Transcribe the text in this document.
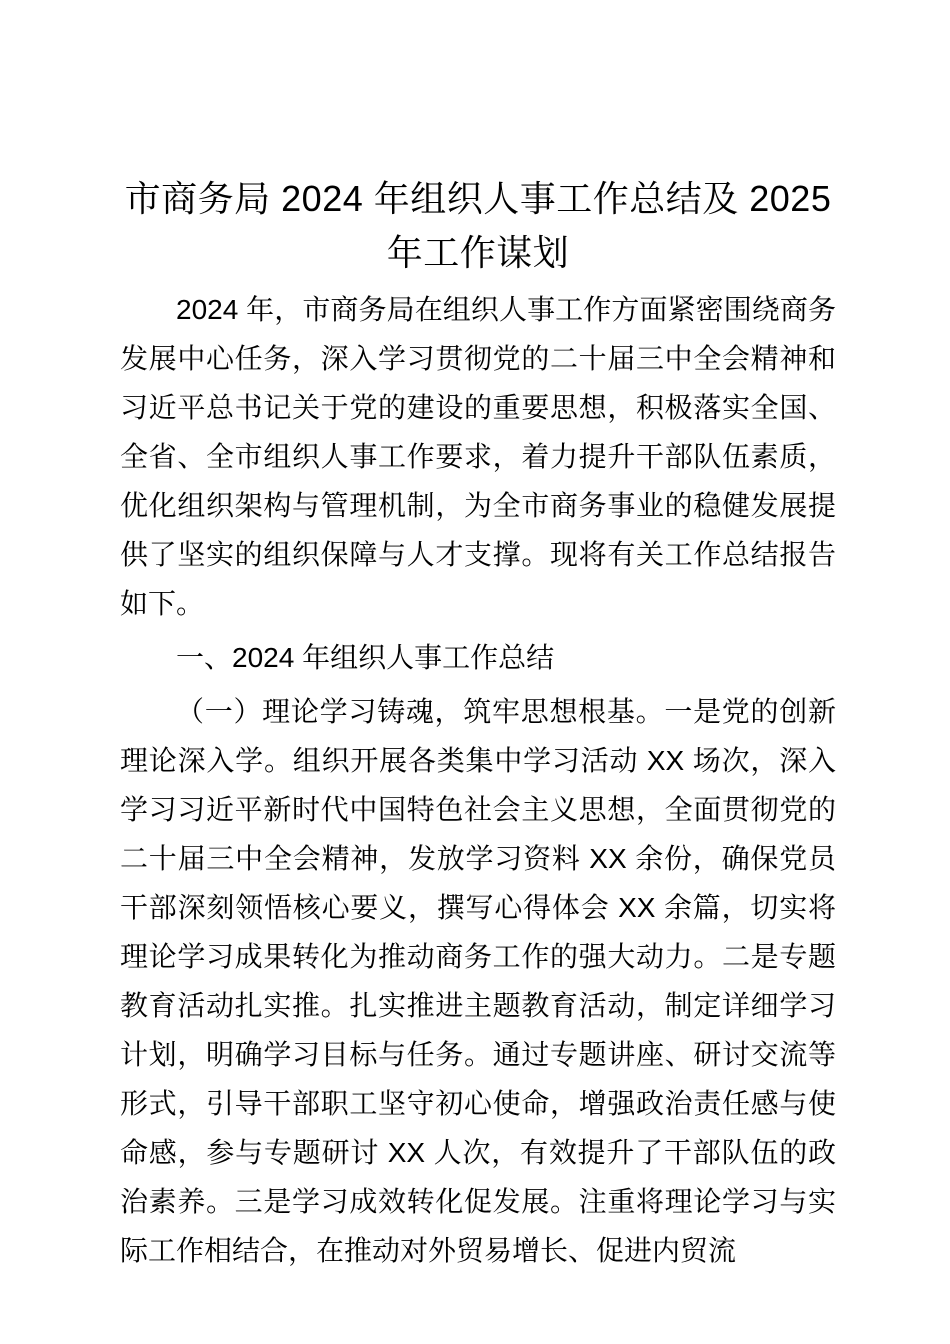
市商务局 2024 年组织人事工作总结及 2025
年工作谋划

2024 年，市商务局在组织人事工作方面紧密围绕商务发展中心任务，深入学习贯彻党的二十届三中全会精神和习近平总书记关于党的建设的重要思想，积极落实全国、全省、全市组织人事工作要求，着力提升干部队伍素质，优化组织架构与管理机制，为全市商务事业的稳健发展提供了坚实的组织保障与人才支撑。现将有关工作总结报告如下。

一、2024 年组织人事工作总结

（一）理论学习铸魂，筑牢思想根基。一是党的创新理论深入学。组织开展各类集中学习活动 XX 场次，深入学习习近平新时代中国特色社会主义思想，全面贯彻党的二十届三中全会精神，发放学习资料 XX 余份，确保党员干部深刻领悟核心要义，撰写心得体会 XX 余篇，切实将理论学习成果转化为推动商务工作的强大动力。二是专题教育活动扎实推。扎实推进主题教育活动，制定详细学习计划，明确学习目标与任务。通过专题讲座、研讨交流等形式，引导干部职工坚守初心使命，增强政治责任感与使命感，参与专题研讨 XX 人次，有效提升了干部队伍的政治素养。三是学习成效转化促发展。注重将理论学习与实际工作相结合，在推动对外贸易增长、促进内贸流
